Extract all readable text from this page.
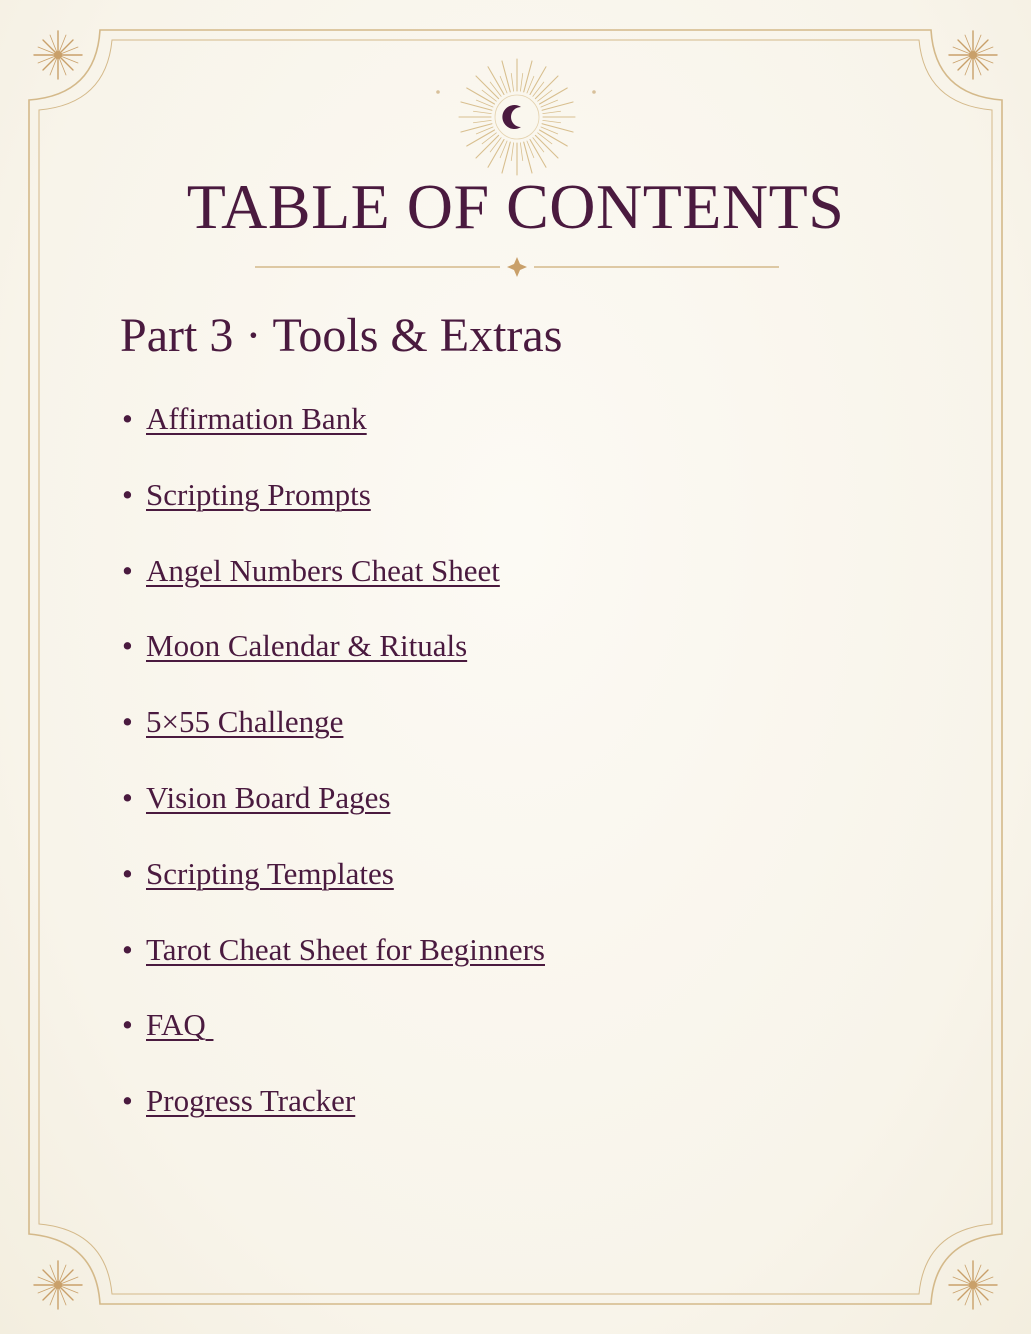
TABLE OF CONTENTS
Part 3 · Tools & Extras
• Affirmation Bank
• Scripting Prompts
• Angel Numbers Cheat Sheet
• Moon Calendar & Rituals
• 5×55 Challenge
• Vision Board Pages
• Scripting Templates
• Tarot Cheat Sheet for Beginners
• FAQ
• Progress Tracker
